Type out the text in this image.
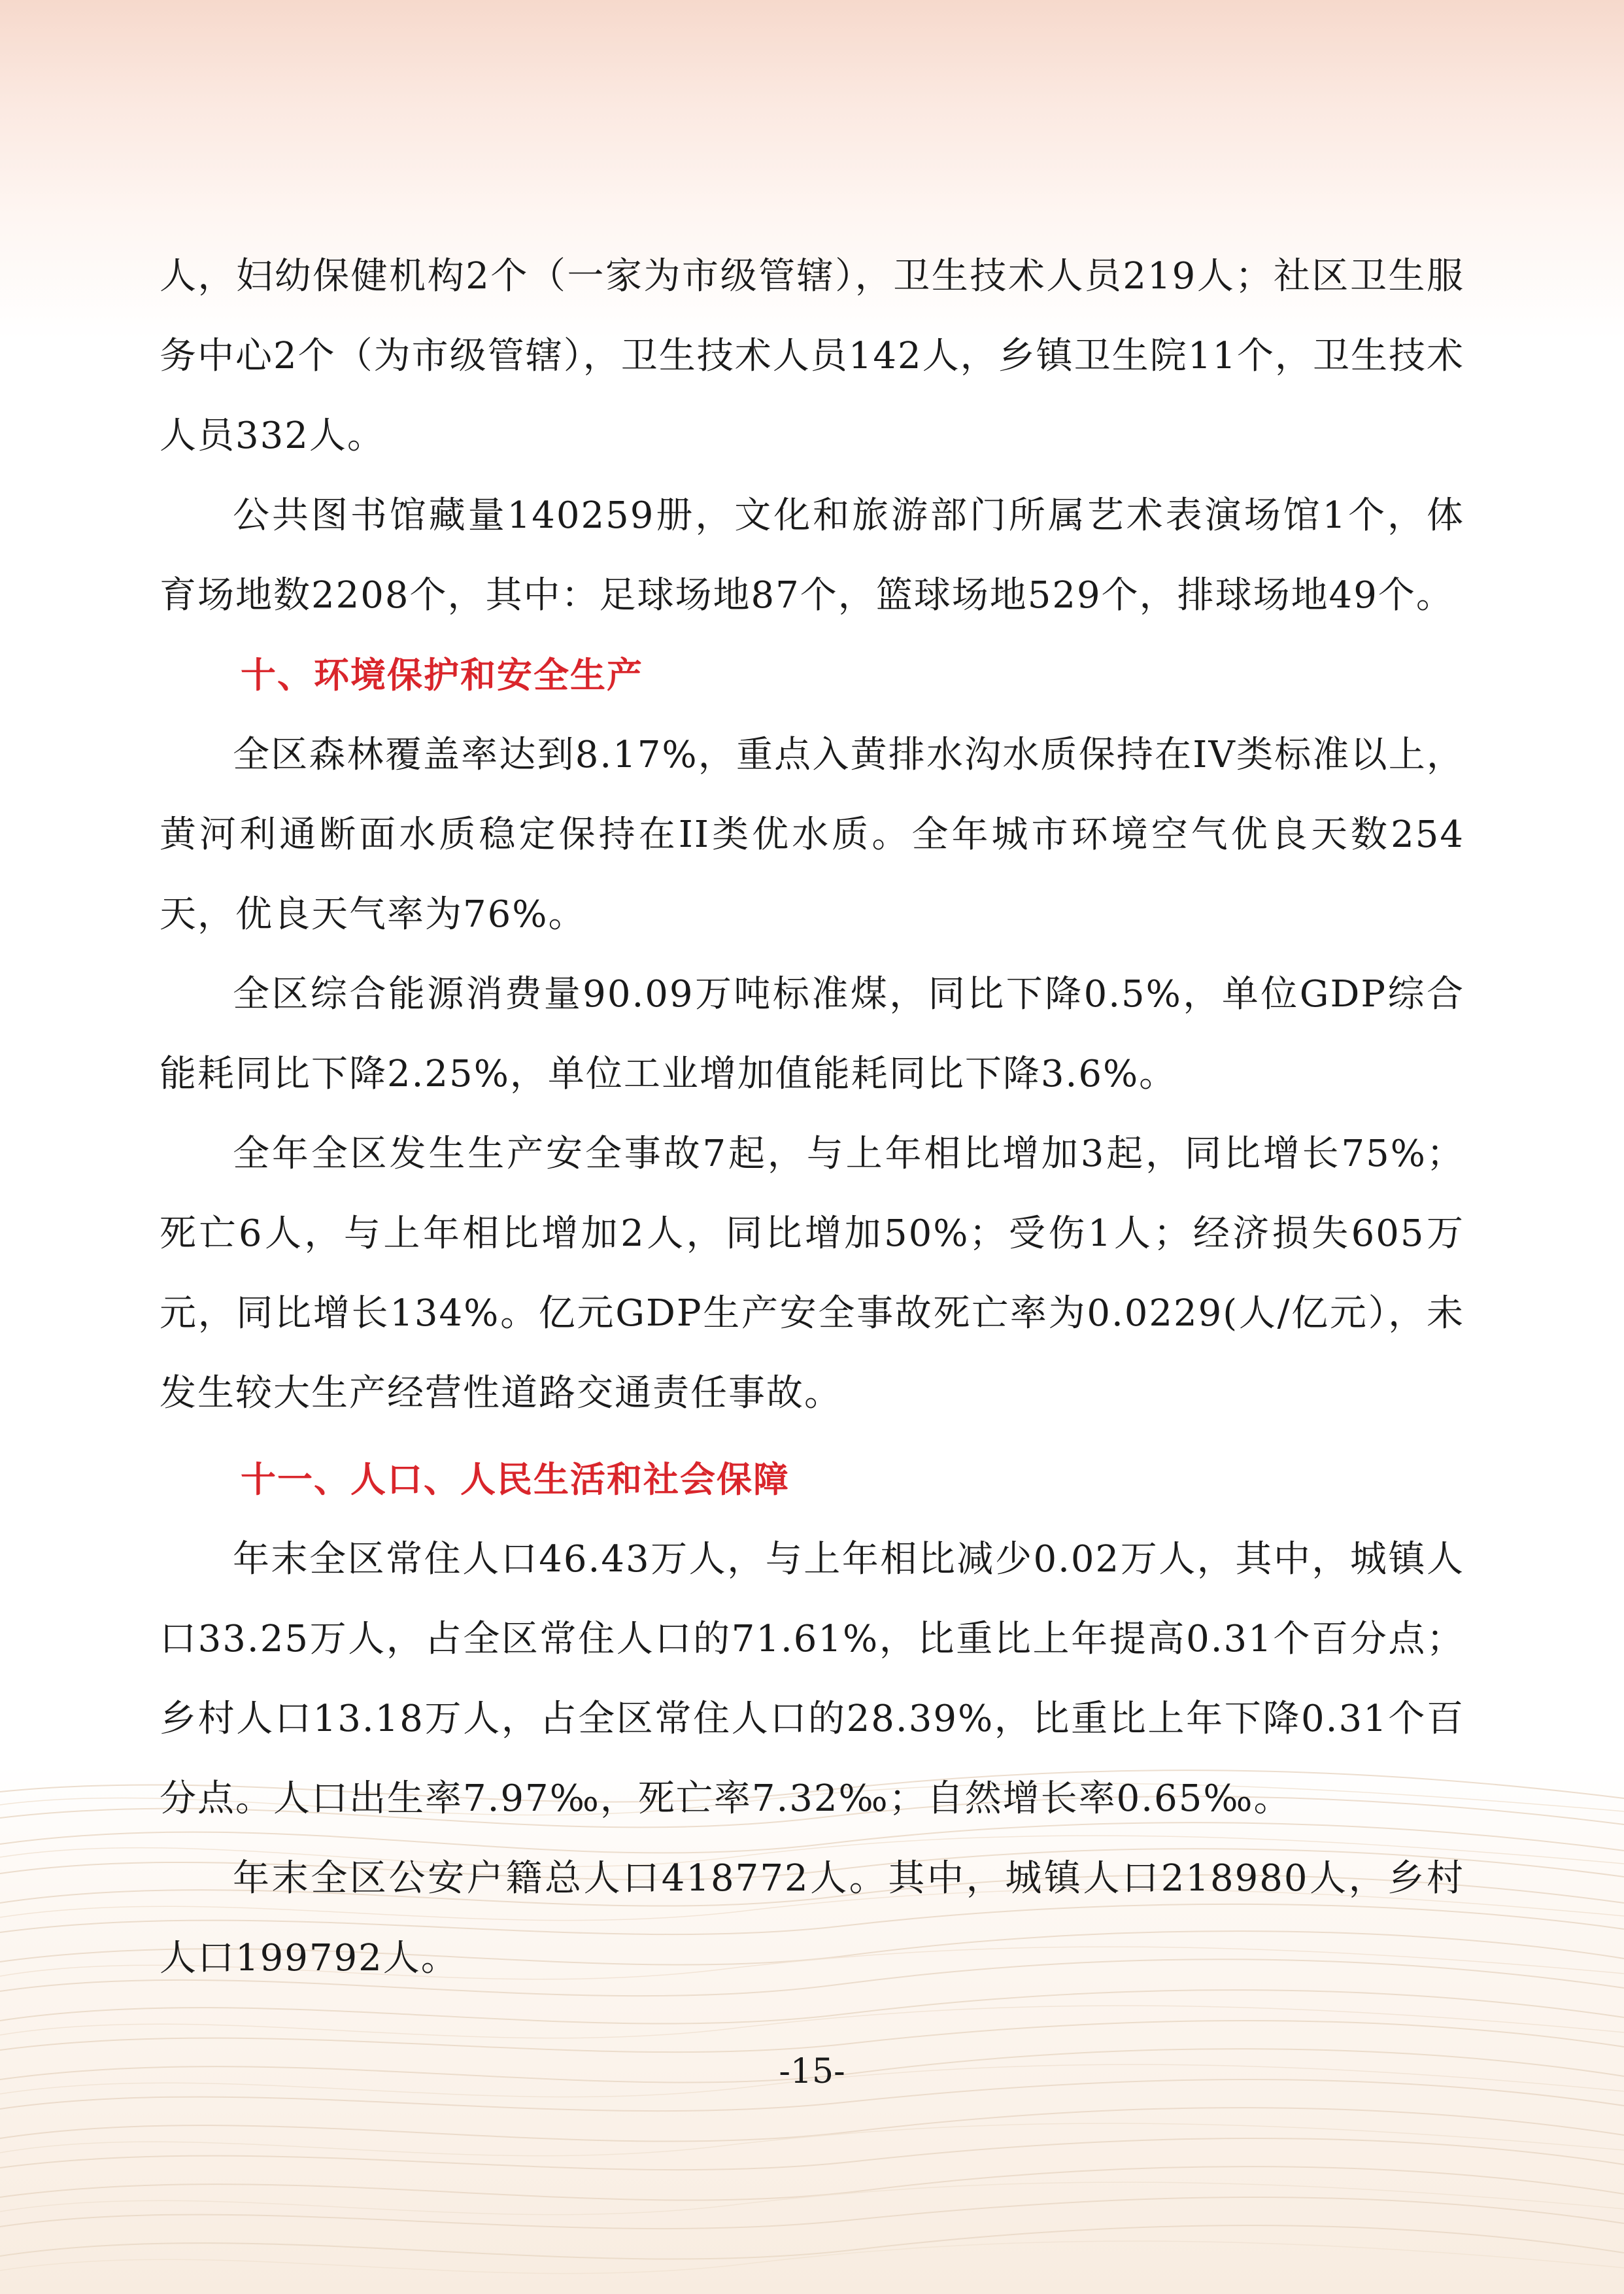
人，妇幼保健机构2个（一家为市级管辖），卫生技术人员219人；社区卫生服务中心2个（为市级管辖），卫生技术人员142人，乡镇卫生院11个，卫生技术人员332人。

公共图书馆藏量140259册，文化和旅游部门所属艺术表演场馆1个，体育场地数2208个，其中：足球场地87个，篮球场地529个，排球场地49个。

十、环境保护和安全生产

全区森林覆盖率达到8.17%，重点入黄排水沟水质保持在IV类标准以上，黄河利通断面水质稳定保持在II类优水质。全年城市环境空气优良天数254天，优良天气率为76%。

全区综合能源消费量90.09万吨标准煤，同比下降0.5%，单位GDP综合能耗同比下降2.25%，单位工业增加值能耗同比下降3.6%。

全年全区发生生产安全事故7起，与上年相比增加3起，同比增长75%；死亡6人，与上年相比增加2人，同比增加50%；受伤1人；经济损失605万元，同比增长134%。亿元GDP生产安全事故死亡率为0.0229(人/亿元），未发生较大生产经营性道路交通责任事故。

十一、人口、人民生活和社会保障

年末全区常住人口46.43万人，与上年相比减少0.02万人，其中，城镇人口33.25万人，占全区常住人口的71.61%，比重比上年提高0.31个百分点；乡村人口13.18万人，占全区常住人口的28.39%，比重比上年下降0.31个百分点。人口出生率7.97‰，死亡率7.32‰；自然增长率0.65‰。

年末全区公安户籍总人口418772人。其中，城镇人口218980人，乡村人口199792人。

-15-
